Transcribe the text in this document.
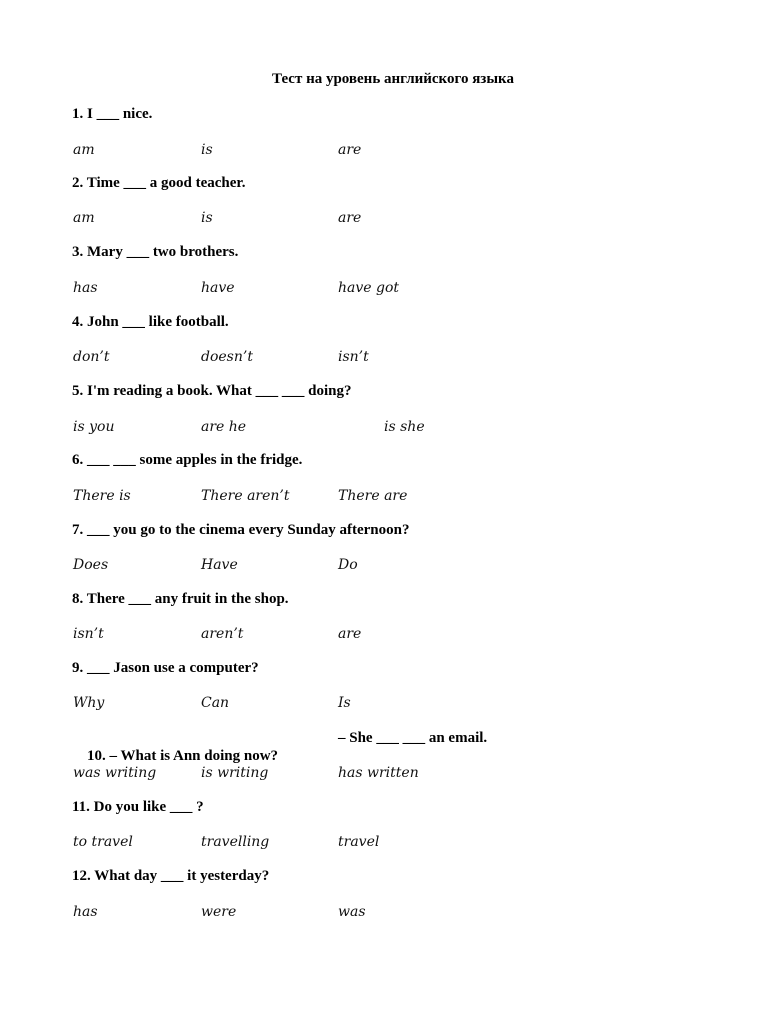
Тест на уровень английского языка
1. I ___ nice.
am	is	are
2. Time ___ a good teacher.
am	is	are
3. Mary ___ two brothers.
has	have	have got
4. John ___ like football.
don’t	doesn’t	isn’t
5. I'm reading a book. What ___ ___ doing?
is you	are he	is she
6. ___ ___ some apples in the fridge.
There is	There aren’t	There are
7. ___ you go to the cinema every Sunday afternoon?
Does	Have	Do
8. There ___ any fruit in the shop.
isn’t	aren’t	are
9. ___ Jason use a computer?
Why	Can	Is

10. – What is Ann doing now?

– She ___ ___ an email.

was writing	is writing	has written
11. Do you like ___ ?
to travel	travelling	travel
12. What day ___ it yesterday?
has	were	was
